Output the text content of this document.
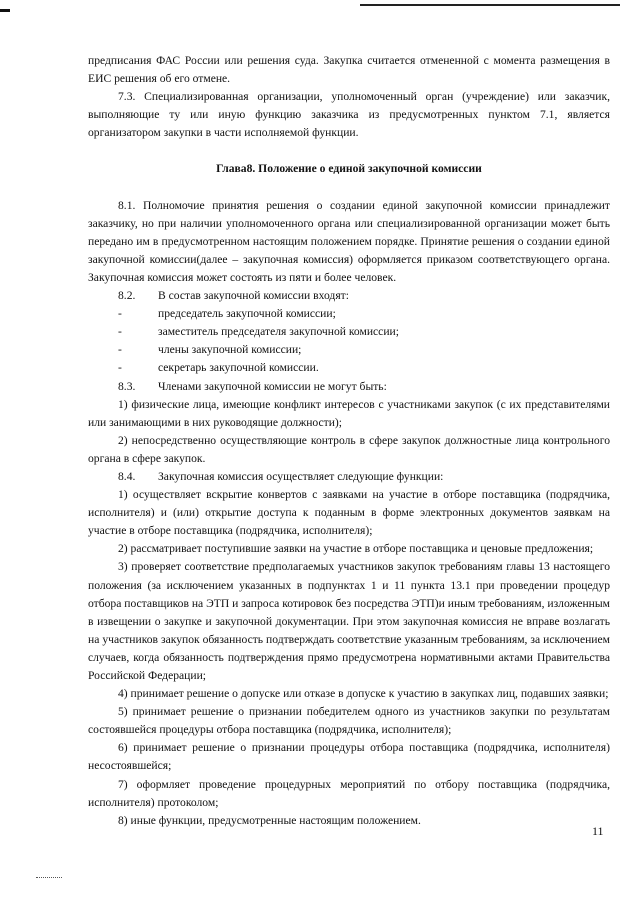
предписания ФАС России или решения суда. Закупка считается отмененной с момента размещения в ЕИС решения об его отмене.

7.3. Специализированная организации, уполномоченный орган (учреждение) или заказчик, выполняющие ту или иную функцию заказчика из предусмотренных пунктом 7.1, является организатором закупки в части исполняемой функции.

Глава8. Положение о единой закупочной комиссии

8.1. Полномочие принятия решения о создании единой закупочной комиссии принадлежит заказчику, но при наличии уполномоченного органа или специализированной организации может быть передано им в предусмотренном настоящим положением порядке. Принятие решения о создании единой закупочной комиссии(далее – закупочная комиссия) оформляется приказом соответствующего органа. Закупочная комиссия может состоять из пяти и более человек.

8.2. В состав закупочной комиссии входят:

-	председатель закупочной комиссии;

-	заместитель председателя закупочной комиссии;

-	члены закупочной комиссии;

-	секретарь закупочной комиссии.

8.3. Членами закупочной комиссии не могут быть:

1) физические лица, имеющие конфликт интересов с участниками закупок (с их представителями или занимающими в них руководящие должности);

2) непосредственно осуществляющие контроль в сфере закупок должностные лица контрольного органа в сфере закупок.

8.4. Закупочная комиссия осуществляет следующие функции:

1) осуществляет вскрытие конвертов с заявками на участие в отборе поставщика (подрядчика, исполнителя) и (или) открытие доступа к поданным в форме электронных документов заявкам на участие в отборе поставщика (подрядчика, исполнителя);

2) рассматривает поступившие заявки на участие в отборе поставщика и ценовые предложения;

3) проверяет соответствие предполагаемых участников закупок требованиям главы 13 настоящего положения (за исключением указанных в подпунктах 1 и 11 пункта 13.1 при проведении процедур отбора поставщиков на ЭТП и запроса котировок без посредства ЭТП)и иным требованиям, изложенным в извещении о закупке и закупочной документации. При этом закупочная комиссия не вправе возлагать на участников закупок обязанность подтверждать соответствие указанным требованиям, за исключением случаев, когда обязанность подтверждения прямо предусмотрена нормативными актами Правительства Российской Федерации;

4) принимает решение о допуске или отказе в допуске к участию в закупках лиц, подавших заявки;

5) принимает решение о признании победителем одного из участников закупки по результатам состоявшейся процедуры отбора поставщика (подрядчика, исполнителя);

6) принимает решение о признании процедуры отбора поставщика (подрядчика, исполнителя) несостоявшейся;

7) оформляет проведение процедурных мероприятий по отбору поставщика (подрядчика, исполнителя) протоколом;

8) иные функции, предусмотренные настоящим положением.

11
